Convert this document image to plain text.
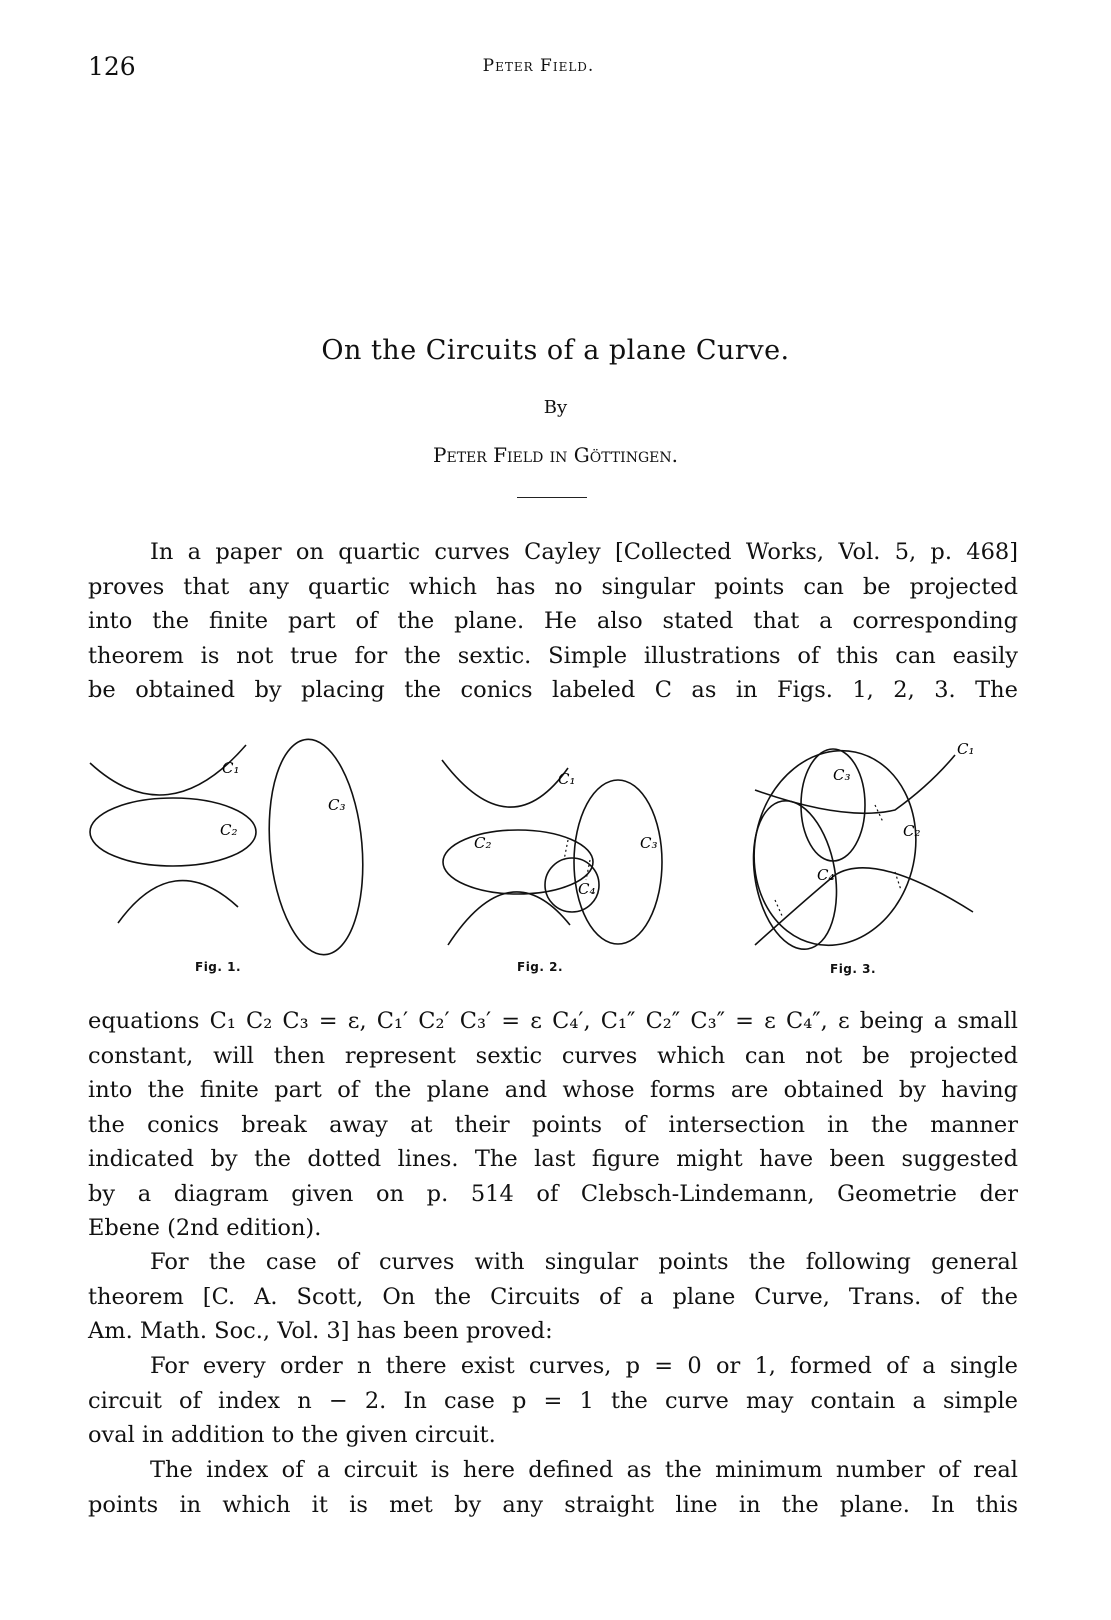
126	Peter Field.
On the Circuits of a plane Curve.
By
Peter Field in Göttingen.
In a paper on quartic curves Cayley [Collected Works, Vol. 5, p. 468]
proves that any quartic which has no singular points can be projected
into the finite part of the plane. He also stated that a corresponding
theorem is not true for the sextic. Simple illustrations of this can easily
be obtained by placing the conics labeled C as in Figs. 1, 2, 3. The
C₁
C₂
C₃
Fig. 1.
C₁
C₂	C₃
C₄
Fig. 2.
C₁
C₂
C₃
C₄
Fig. 3.
equations C₁ C₂ C₃ = ε, C₁′ C₂′ C₃′ = ε C₄′, C₁″ C₂″ C₃″ = ε C₄″, ε being a small
constant, will then represent sextic curves which can not be projected
into the finite part of the plane and whose forms are obtained by having
the conics break away at their points of intersection in the manner
indicated by the dotted lines. The last figure might have been suggested
by a diagram given on p. 514 of Clebsch-Lindemann, Geometrie der
Ebene (2nd edition).
For the case of curves with singular points the following general
theorem [C. A. Scott, On the Circuits of a plane Curve, Trans. of the
Am. Math. Soc., Vol. 3] has been proved:
For every order n there exist curves, p = 0 or 1, formed of a single
circuit of index n − 2. In case p = 1 the curve may contain a simple
oval in addition to the given circuit.
The index of a circuit is here defined as the minimum number of real
points in which it is met by any straight line in the plane. In this
